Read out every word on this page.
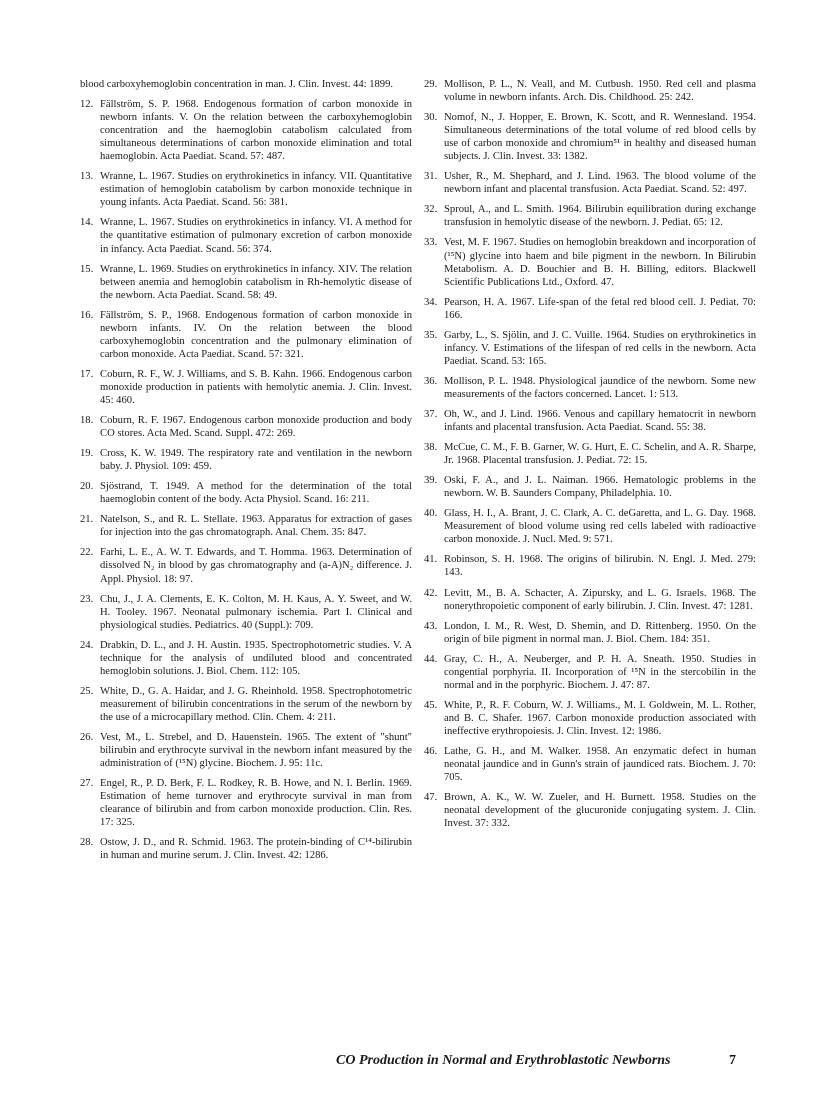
blood carboxyhemoglobin concentration in man. J. Clin. Invest. 44: 1899.

12. Fällström, S. P. 1968. Endogenous formation of carbon monoxide in newborn infants. V. On the relation between the carboxyhemoglobin concentration and the haemoglobin catabolism calculated from simultaneous determinations of carbon monoxide elimination and total haemoglobin. Acta Paediat. Scand. 57: 487.

13. Wranne, L. 1967. Studies on erythrokinetics in infancy. VII. Quantitative estimation of hemoglobin catabolism by carbon monoxide technique in young infants. Acta Paediat. Scand. 56: 381.

14. Wranne, L. 1967. Studies on erythrokinetics in infancy. VI. A method for the quantitative estimation of pulmonary excretion of carbon monoxide in infancy. Acta Paediat. Scand. 56: 374.

15. Wranne, L. 1969. Studies on erythrokinetics in infancy. XIV. The relation between anemia and hemoglobin catabolism in Rh-hemolytic disease of the newborn. Acta Paediat. Scand. 58: 49.

16. Fällström, S. P., 1968. Endogenous formation of carbon monoxide in newborn infants. IV. On the relation between the blood carboxyhemoglobin concentration and the pulmonary elimination of carbon monoxide. Acta Paediat. Scand. 57: 321.

17. Coburn, R. F., W. J. Williams, and S. B. Kahn. 1966. Endogenous carbon monoxide production in patients with hemolytic anemia. J. Clin. Invest. 45: 460.

18. Coburn, R. F. 1967. Endogenous carbon monoxide production and body CO stores. Acta Med. Scand. Suppl. 472: 269.

19. Cross, K. W. 1949. The respiratory rate and ventilation in the newborn baby. J. Physiol. 109: 459.

20. Sjöstrand, T. 1949. A method for the determination of the total haemoglobin content of the body. Acta Physiol. Scand. 16: 211.

21. Natelson, S., and R. L. Stellate. 1963. Apparatus for extraction of gases for injection into the gas chromatograph. Anal. Chem. 35: 847.

22. Farhi, L. E., A. W. T. Edwards, and T. Homma. 1963. Determination of dissolved N₂ in blood by gas chromatography and (a-A)N₂ difference. J. Appl. Physiol. 18: 97.

23. Chu, J., J. A. Clements, E. K. Colton, M. H. Kaus, A. Y. Sweet, and W. H. Tooley. 1967. Neonatal pulmonary ischemia. Part I. Clinical and physiological studies. Pediatrics. 40 (Suppl.): 709.

24. Drabkin, D. L., and J. H. Austin. 1935. Spectrophotometric studies. V. A technique for the analysis of undiluted blood and concentrated hemoglobin solutions. J. Biol. Chem. 112: 105.

25. White, D., G. A. Haidar, and J. G. Rheinhold. 1958. Spectrophotometric measurement of bilirubin concentrations in the serum of the newborn by the use of a microcapillary method. Clin. Chem. 4: 211.

26. Vest, M., L. Strebel, and D. Hauenstein. 1965. The extent of "shunt" bilirubin and erythrocyte survival in the newborn infant measured by the administration of (¹⁵N) glycine. Biochem. J. 95: 11c.

27. Engel, R., P. D. Berk, F. L. Rodkey, R. B. Howe, and N. I. Berlin. 1969. Estimation of heme turnover and erythrocyte survival in man from clearance of bilirubin and from carbon monoxide production. Clin. Res. 17: 325.

28. Ostow, J. D., and R. Schmid. 1963. The protein-binding of C¹⁴-bilirubin in human and murine serum. J. Clin. Invest. 42: 1286.

29. Mollison, P. L., N. Veall, and M. Cutbush. 1950. Red cell and plasma volume in newborn infants. Arch. Dis. Childhood. 25: 242.

30. Nomof, N., J. Hopper, E. Brown, K. Scott, and R. Wennesland. 1954. Simultaneous determinations of the total volume of red blood cells by use of carbon monoxide and chromium⁵¹ in healthy and diseased human subjects. J. Clin. Invest. 33: 1382.

31. Usher, R., M. Shephard, and J. Lind. 1963. The blood volume of the newborn infant and placental transfusion. Acta Paediat. Scand. 52: 497.

32. Sproul, A., and L. Smith. 1964. Bilirubin equilibration during exchange transfusion in hemolytic disease of the newborn. J. Pediat. 65: 12.

33. Vest, M. F. 1967. Studies on hemoglobin breakdown and incorporation of (¹⁵N) glycine into haem and bile pigment in the newborn. In Bilirubin Metabolism. A. D. Bouchier and B. H. Billing, editors. Blackwell Scientific Publications Ltd., Oxford. 47.

34. Pearson, H. A. 1967. Life-span of the fetal red blood cell. J. Pediat. 70: 166.

35. Garby, L., S. Sjölin, and J. C. Vuille. 1964. Studies on erythrokinetics in infancy. V. Estimations of the lifespan of red cells in the newborn. Acta Paediat. Scand. 53: 165.

36. Mollison, P. L. 1948. Physiological jaundice of the newborn. Some new measurements of the factors concerned. Lancet. 1: 513.

37. Oh, W., and J. Lind. 1966. Venous and capillary hematocrit in newborn infants and placental transfusion. Acta Paediat. Scand. 55: 38.

38. McCue, C. M., F. B. Garner, W. G. Hurt, E. C. Schelin, and A. R. Sharpe, Jr. 1968. Placental transfusion. J. Pediat. 72: 15.

39. Oski, F. A., and J. L. Naiman. 1966. Hematologic problems in the newborn. W. B. Saunders Company, Philadelphia. 10.

40. Glass, H. I., A. Brant, J. C. Clark, A. C. deGaretta, and L. G. Day. 1968. Measurement of blood volume using red cells labeled with radioactive carbon monoxide. J. Nucl. Med. 9: 571.

41. Robinson, S. H. 1968. The origins of bilirubin. N. Engl. J. Med. 279: 143.

42. Levitt, M., B. A. Schacter, A. Zipursky, and L. G. Israels. 1968. The nonerythropoietic component of early bilirubin. J. Clin. Invest. 47: 1281.

43. London, I. M., R. West, D. Shemin, and D. Rittenberg. 1950. On the origin of bile pigment in normal man. J. Biol. Chem. 184: 351.

44. Gray, C. H., A. Neuberger, and P. H. A. Sneath. 1950. Studies in congential porphyria. II. Incorporation of ¹⁵N in the stercobilin in the normal and in the porphyric. Biochem. J. 47: 87.

45. White, P., R. F. Coburn, W. J. Williams., M. I. Goldwein, M. L. Rother, and B. C. Shafer. 1967. Carbon monoxide production associated with ineffective erythropoiesis. J. Clin. Invest. 12: 1986.

46. Lathe, G. H., and M. Walker. 1958. An enzymatic defect in human neonatal jaundice and in Gunn's strain of jaundiced rats. Biochem. J. 70: 705.

47. Brown, A. K., W. W. Zueler, and H. Burnett. 1958. Studies on the neonatal development of the glucuronide conjugating system. J. Clin. Invest. 37: 332.

CO Production in Normal and Erythroblastotic Newborns	7
